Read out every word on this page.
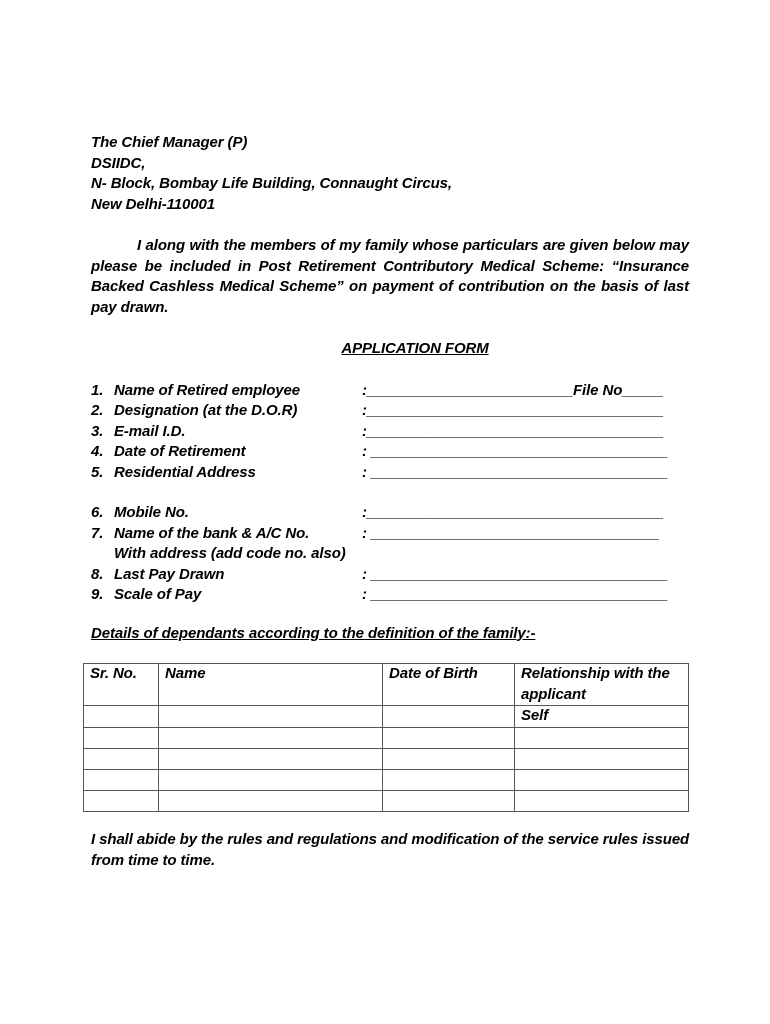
The Chief Manager (P)
DSIIDC,
N- Block, Bombay Life Building, Connaught Circus,
New Delhi-110001
I along with the members of my family whose particulars are given below may please be included in Post Retirement Contributory Medical Scheme: “Insurance Backed Cashless Medical Scheme” on payment of contribution on the basis of last pay drawn.
APPLICATION FORM
1. Name of Retired employee	:_________________________File No_____
2. Designation (at the D.O.R)	:____________________________________
3. E-mail I.D.	:____________________________________
4. Date of Retirement	: ____________________________________
5. Residential Address	: ____________________________________
6. Mobile No.	:____________________________________
7. Name of the bank & A/C No.	: ___________________________________
With address (add code no. also)
8. Last Pay Drawn	: ____________________________________
9. Scale of Pay	: ____________________________________
Details of dependants according to the definition of the family:-
Sr. No.	Name	Date of Birth	Relationship with the applicant
			Self

I shall abide by the rules and regulations and modification of the service rules issued from time to time.
